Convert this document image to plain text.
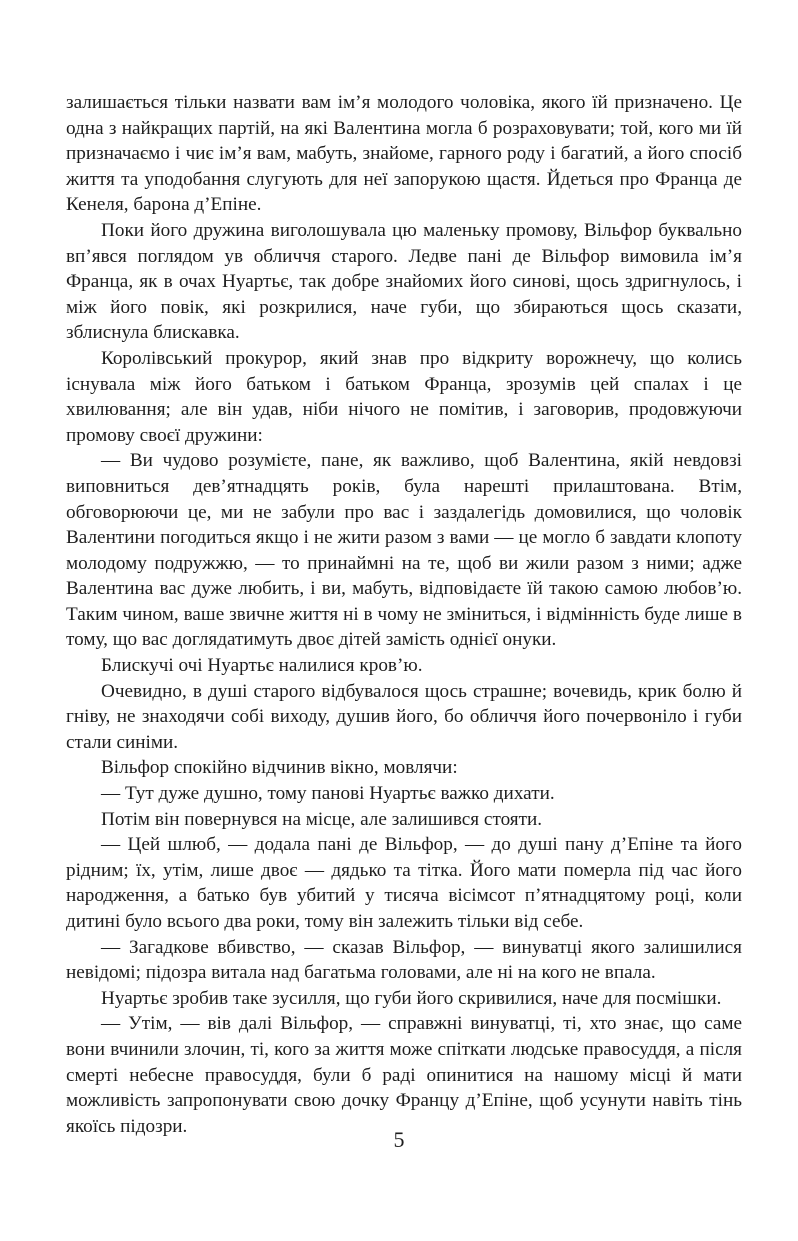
залишається тільки назвати вам ім’я молодого чоловіка, якого їй призначено. Це одна з найкращих партій, на які Валентина могла б розраховувати; той, кого ми їй призначаємо і чиє ім’я вам, мабуть, знайоме, гарного роду і багатий, а його спосіб життя та уподобання слугують для неї запорукою щастя. Йдеться про Франца де Кенеля, барона д’Епіне.

Поки його дружина виголошувала цю маленьку промову, Вільфор буквально вп’явся поглядом ув обличчя старого. Ледве пані де Вільфор вимовила ім’я Франца, як в очах Нуартьє, так добре знайомих його синові, щось здригнулось, і між його повік, які розкрилися, наче губи, що збираються щось сказати, зблиснула блискавка.

Королівський прокурор, який знав про відкриту ворожнечу, що колись існувала між його батьком і батьком Франца, зрозумів цей спалах і це хвилювання; але він удав, ніби нічого не помітив, і заговорив, продовжуючи промову своєї дружини:

— Ви чудово розумієте, пане, як важливо, щоб Валентина, якій невдовзі виповниться дев’ятнадцять років, була нарешті прилаштована. Втім, обговорюючи це, ми не забули про вас і заздалегідь домовилися, що чоловік Валентини погодиться якщо і не жити разом з вами — це могло б завдати клопоту молодому подружжю, — то принаймні на те, щоб ви жили разом з ними; адже Валентина вас дуже любить, і ви, мабуть, відповідаєте їй такою самою любов’ю. Таким чином, ваше звичне життя ні в чому не зміниться, і відмінність буде лише в тому, що вас доглядатимуть двоє дітей замість однієї онуки.

Блискучі очі Нуартьє налилися кров’ю.

Очевидно, в душі старого відбувалося щось страшне; вочевидь, крик болю й гніву, не знаходячи собі виходу, душив його, бо обличчя його почервоніло і губи стали синіми.

Вільфор спокійно відчинив вікно, мовлячи:

— Тут дуже душно, тому панові Нуартьє важко дихати.

Потім він повернувся на місце, але залишився стояти.

— Цей шлюб, — додала пані де Вільфор, — до душі пану д’Епіне та його рідним; їх, утім, лише двоє — дядько та тітка. Його мати померла під час його народження, а батько був убитий у тисяча вісімсот п’ятнадцятому році, коли дитині було всього два роки, тому він залежить тільки від себе.

— Загадкове вбивство, — сказав Вільфор, — винуватці якого залишилися невідомі; підозра витала над багатьма головами, але ні на кого не впала.

Нуартьє зробив таке зусилля, що губи його скривилися, наче для посмішки.

— Утім, — вів далі Вільфор, — справжні винуватці, ті, хто знає, що саме вони вчинили злочин, ті, кого за життя може спіткати людське правосуддя, а після смерті небесне правосуддя, були б раді опинитися на нашому місці й мати можливість запропонувати свою дочку Францу д’Епіне, щоб усунути навіть тінь якоїсь підозри.

5
